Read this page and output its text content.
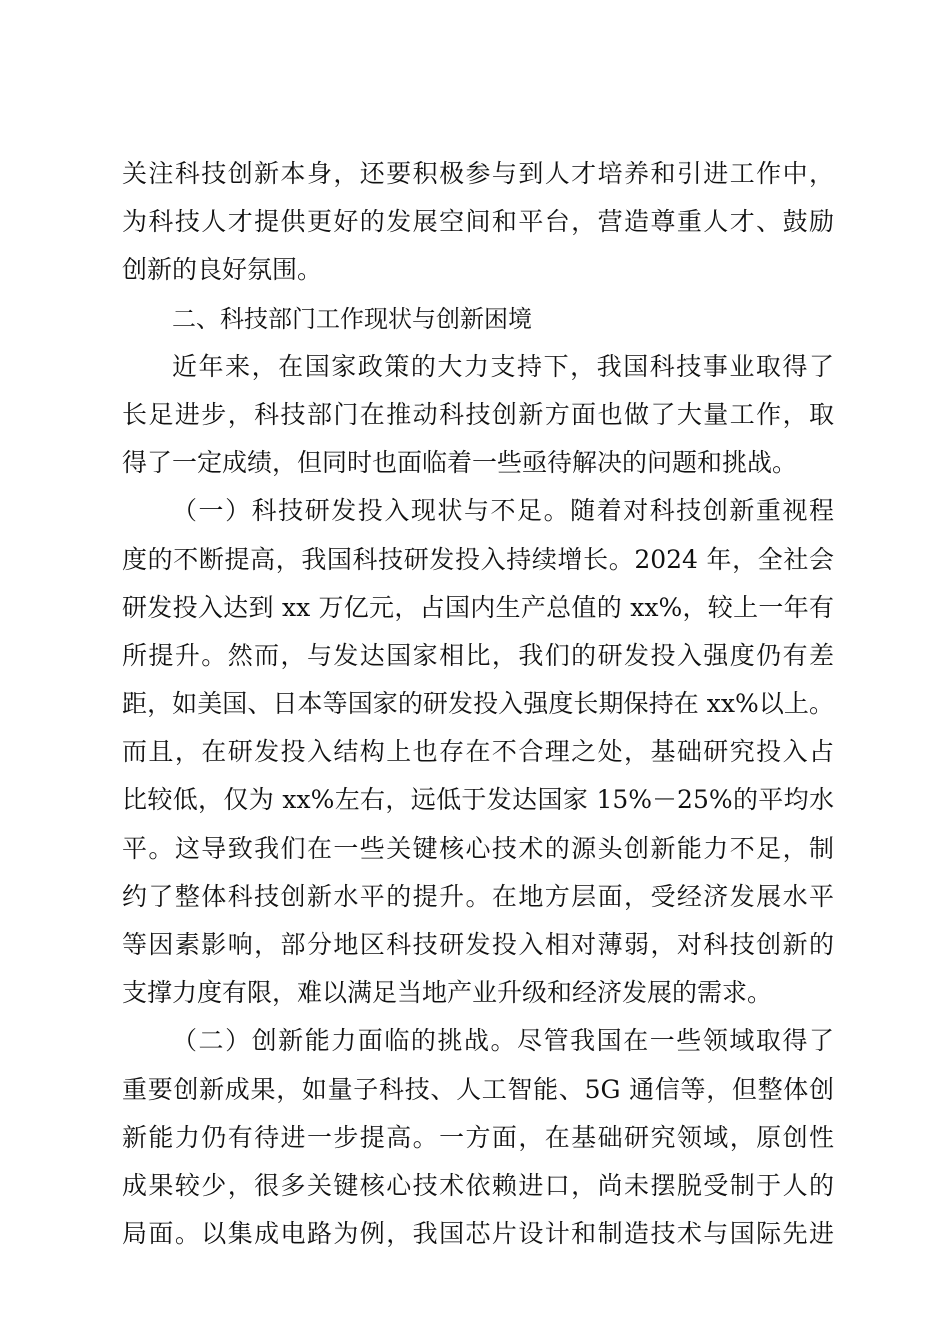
关注科技创新本身，还要积极参与到人才培养和引进工作中，
为科技人才提供更好的发展空间和平台，营造尊重人才、鼓励
创新的良好氛围。
二、科技部门工作现状与创新困境
近年来，在国家政策的大力支持下，我国科技事业取得了
长足进步，科技部门在推动科技创新方面也做了大量工作，取
得了一定成绩，但同时也面临着一些亟待解决的问题和挑战。
（一）科技研发投入现状与不足。随着对科技创新重视程
度的不断提高，我国科技研发投入持续增长。2024 年，全社会
研发投入达到 xx 万亿元，占国内生产总值的 xx%，较上一年有
所提升。然而，与发达国家相比，我们的研发投入强度仍有差
距，如美国、日本等国家的研发投入强度长期保持在 xx%以上。
而且，在研发投入结构上也存在不合理之处，基础研究投入占
比较低，仅为 xx%左右，远低于发达国家 15%－25%的平均水
平。这导致我们在一些关键核心技术的源头创新能力不足，制
约了整体科技创新水平的提升。在地方层面，受经济发展水平
等因素影响，部分地区科技研发投入相对薄弱，对科技创新的
支撑力度有限，难以满足当地产业升级和经济发展的需求。
（二）创新能力面临的挑战。尽管我国在一些领域取得了
重要创新成果，如量子科技、人工智能、5G 通信等，但整体创
新能力仍有待进一步提高。一方面，在基础研究领域，原创性
成果较少，很多关键核心技术依赖进口，尚未摆脱受制于人的
局面。以集成电路为例，我国芯片设计和制造技术与国际先进
